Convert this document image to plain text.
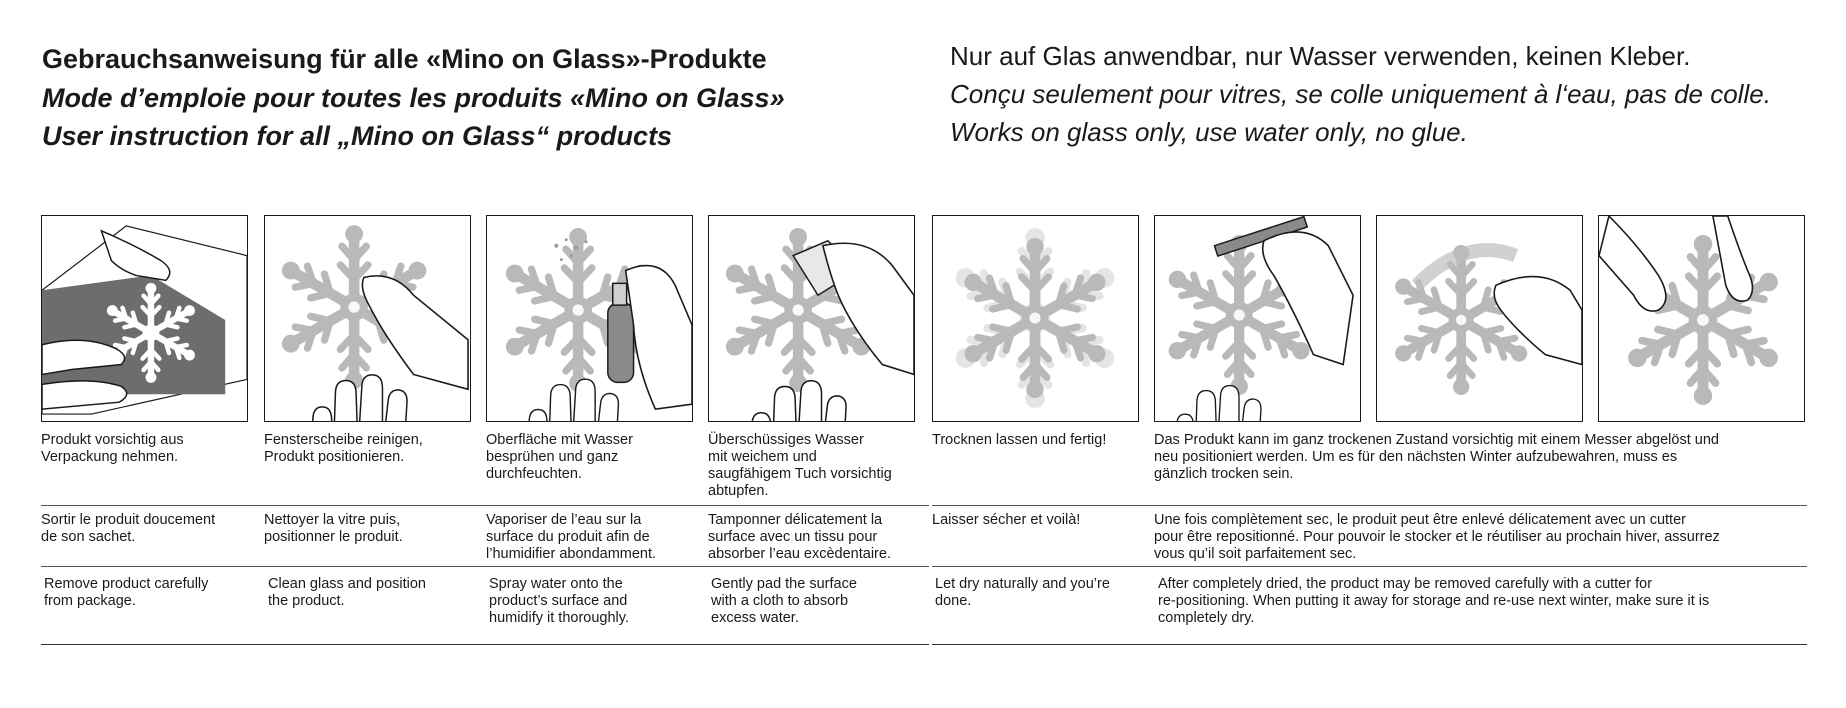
Gebrauchsanweisung für alle «Mino on Glass»-Produkte
Mode d’emploie pour toutes les produits «Mino on Glass»
User instruction for all „Mino on Glass“ products
Nur auf Glas anwendbar, nur Wasser verwenden, keinen Kleber.
Conçu seulement pour vitres, se colle uniquement à l‘eau, pas de colle.
Works on glass only, use water only, no glue.
Produkt vorsichtig aus
Verpackung nehmen.
Fensterscheibe reinigen,
Produkt positionieren.
Oberfläche mit Wasser
besprühen und ganz
durchfeuchten.
Überschüssiges Wasser
mit weichem und
saugfähigem Tuch vorsichtig
abtupfen.
Trocknen lassen und fertig!	Das Produkt kann im ganz trockenen Zustand vorsichtig mit einem Messer abgelöst und
neu positioniert werden. Um es für den nächsten Winter aufzubewahren, muss es
gänzlich trocken sein.
Sortir le produit doucement
de son sachet.
Nettoyer la vitre puis,
positionner le produit.
Vaporiser de l’eau sur la
surface du produit afin de
l’humidifier abondamment.
Tamponner délicatement la
surface avec un tissu pour
absorber l’eau excèdentaire.
Laisser sécher et voilà!	Une fois complètement sec, le produit peut être enlevé délicatement avec un cutter
pour être repositionné. Pour pouvoir le stocker et le réutiliser au prochain hiver, assurrez
vous qu’il soit parfaitement sec.
Remove product carefully
from package.
Clean glass and position
the product.
Spray water onto the
product’s surface and
humidify it thoroughly.
Gently pad the surface
with a cloth to absorb
excess water.
Let dry naturally and you’re
done.
After completely dried, the product may be removed carefully with a cutter for
re-positioning. When putting it away for storage and re-use next winter, make sure it is
completely dry.
